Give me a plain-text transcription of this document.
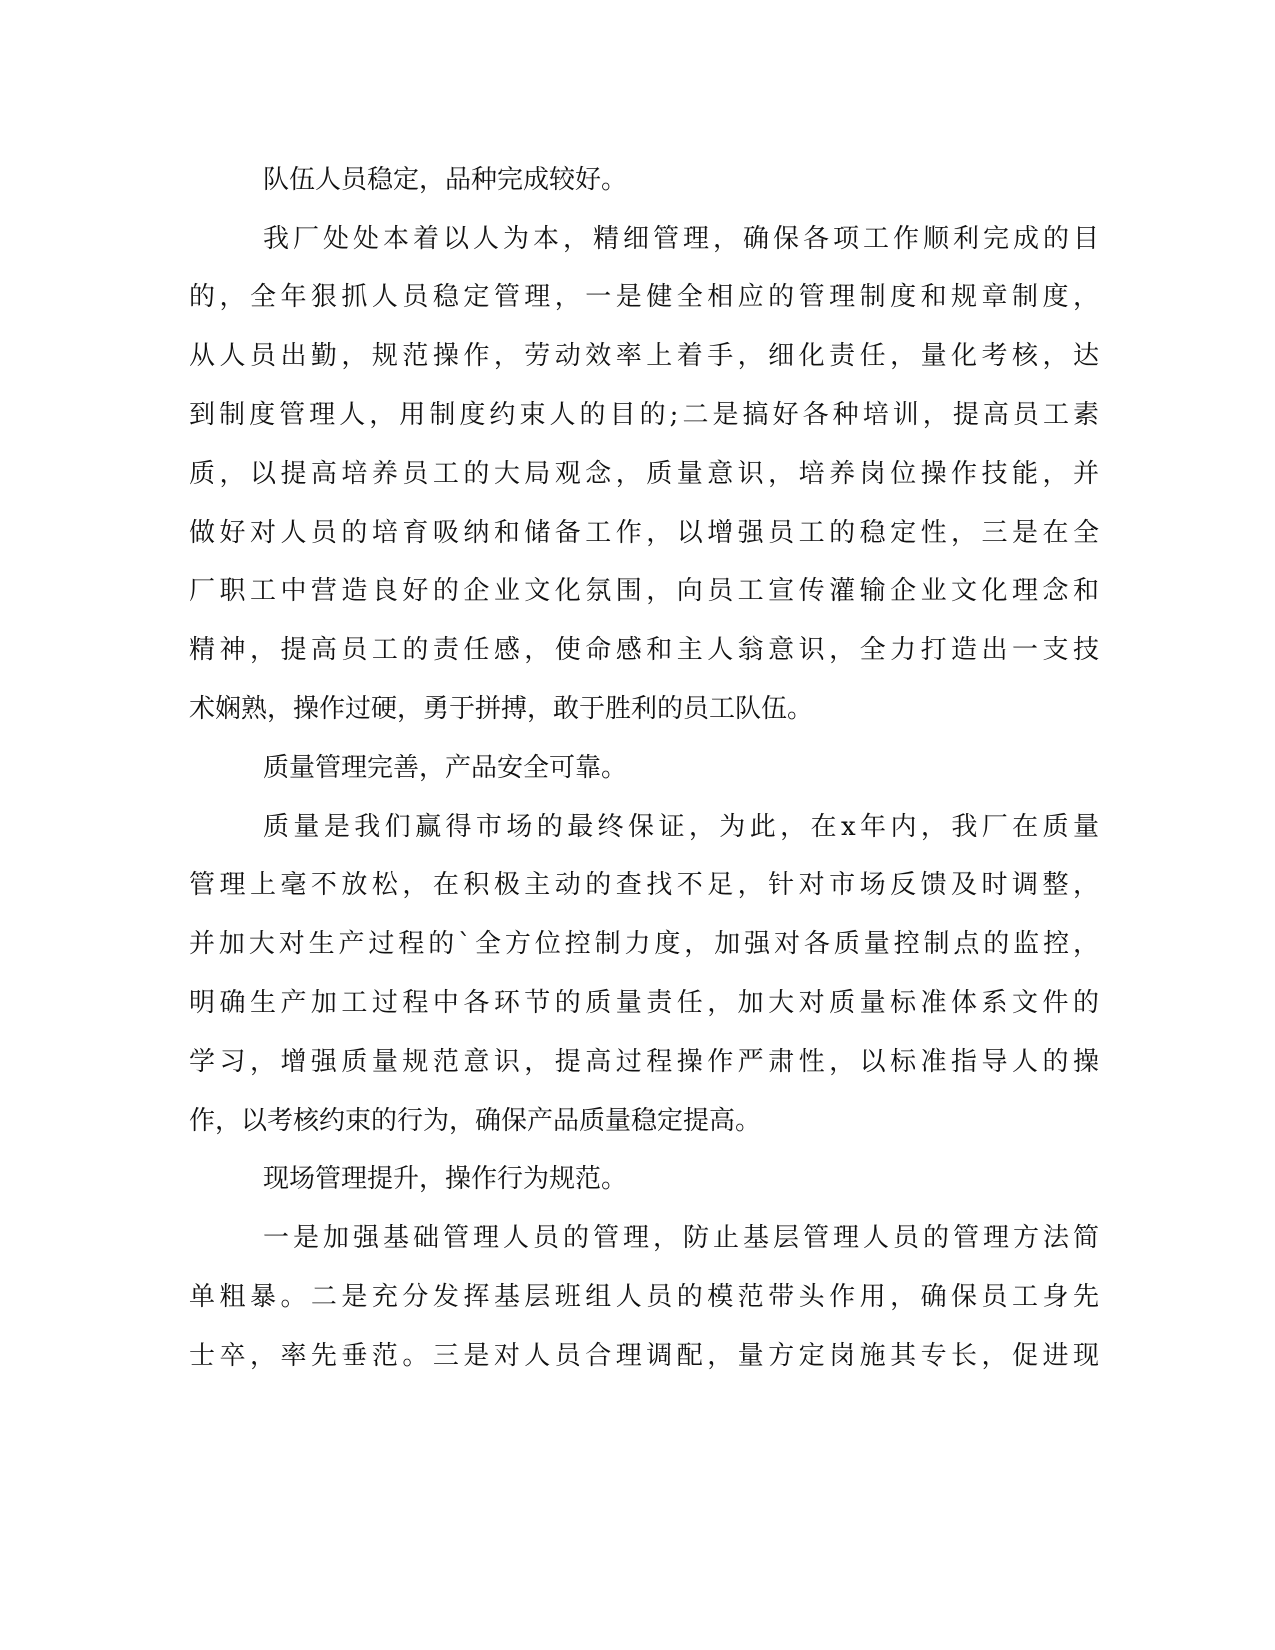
队伍人员稳定，品种完成较好。

我厂处处本着以人为本，精细管理，确保各项工作顺利完成的目

的，全年狠抓人员稳定管理，一是健全相应的管理制度和规章制度，

从人员出勤，规范操作，劳动效率上着手，细化责任，量化考核，达

到制度管理人，用制度约束人的目的;二是搞好各种培训，提高员工素

质，以提高培养员工的大局观念，质量意识，培养岗位操作技能，并

做好对人员的培育吸纳和储备工作，以增强员工的稳定性，三是在全

厂职工中营造良好的企业文化氛围，向员工宣传灌输企业文化理念和

精神，提高员工的责任感，使命感和主人翁意识，全力打造出一支技

术娴熟，操作过硬，勇于拼搏，敢于胜利的员工队伍。

质量管理完善，产品安全可靠。

质量是我们赢得市场的最终保证，为此，在x年内，我厂在质量

管理上毫不放松，在积极主动的查找不足，针对市场反馈及时调整，

并加大对生产过程的`全方位控制力度，加强对各质量控制点的监控，

明确生产加工过程中各环节的质量责任，加大对质量标准体系文件的

学习，增强质量规范意识，提高过程操作严肃性，以标准指导人的操

作，以考核约束的行为，确保产品质量稳定提高。

现场管理提升，操作行为规范。

一是加强基础管理人员的管理，防止基层管理人员的管理方法简

单粗暴。二是充分发挥基层班组人员的模范带头作用，确保员工身先

士卒，率先垂范。三是对人员合理调配，量方定岗施其专长，促进现
